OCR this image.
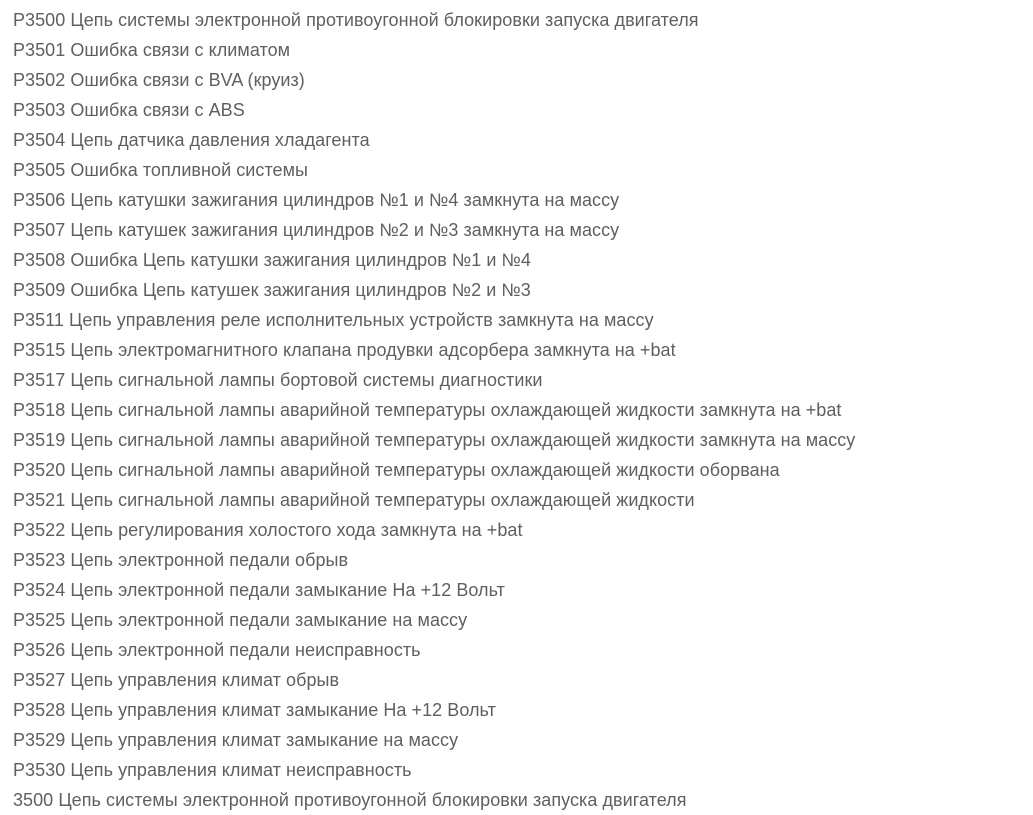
P3500 Цепь системы электронной противоугонной блокировки запуска двигателя
P3501 Ошибка связи с климатом
P3502 Ошибка связи с BVA (круиз)
P3503 Ошибка связи с ABS
P3504 Цепь датчика давления хладагента
P3505 Ошибка топливной системы
P3506 Цепь катушки зажигания цилиндров №1 и №4 замкнута на массу
P3507 Цепь катушек зажигания цилиндров №2 и №3 замкнута на массу
P3508 Ошибка Цепь катушки зажигания цилиндров №1 и №4
P3509 Ошибка Цепь катушек зажигания цилиндров №2 и №3
P3511 Цепь управления реле исполнительных устройств замкнута на массу
P3515 Цепь электромагнитного клапана продувки адсорбера замкнута на +bat
P3517 Цепь сигнальной лампы бортовой системы диагностики
P3518 Цепь сигнальной лампы аварийной температуры охлаждающей жидкости замкнута на +bat
P3519 Цепь сигнальной лампы аварийной температуры охлаждающей жидкости замкнута на массу
P3520 Цепь сигнальной лампы аварийной температуры охлаждающей жидкости оборвана
P3521 Цепь сигнальной лампы аварийной температуры охлаждающей жидкости
P3522 Цепь регулирования холостого хода замкнута на +bat
P3523 Цепь электронной педали обрыв
P3524 Цепь электронной педали замыкание На +12 Вольт
P3525 Цепь электронной педали замыкание на массу
P3526 Цепь электронной педали неисправность
P3527 Цепь управления климат обрыв
P3528 Цепь управления климат замыкание На +12 Вольт
P3529 Цепь управления климат замыкание на массу
P3530 Цепь управления климат неисправность
3500 Цепь системы электронной противоугонной блокировки запуска двигателя
